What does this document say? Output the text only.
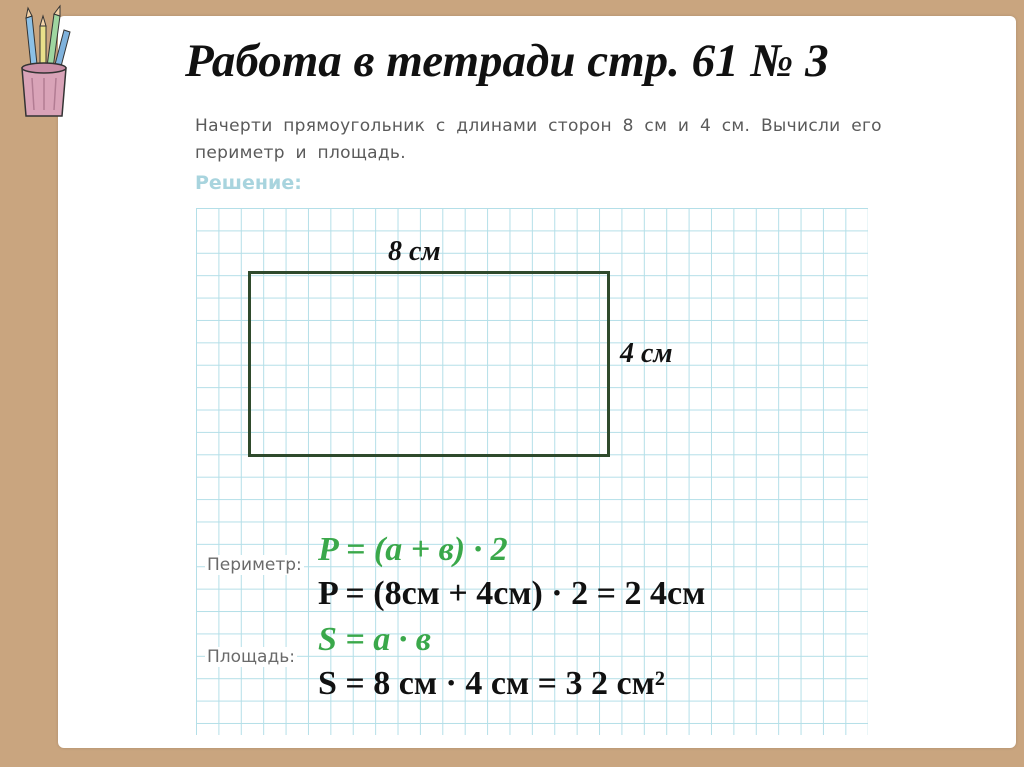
Работа в тетради стр. 61 № 3
Начерти прямоугольник с длинами сторон 8 см и 4 см. Вычисли его периметр и площадь.
Решение:
8 см
4 см
Периметр:
Площадь:
P = (а + в) · 2
P = (8см + 4см) · 2 = 2 4см
S = а · в
S = 8 см · 4 см = 3 2 см²
